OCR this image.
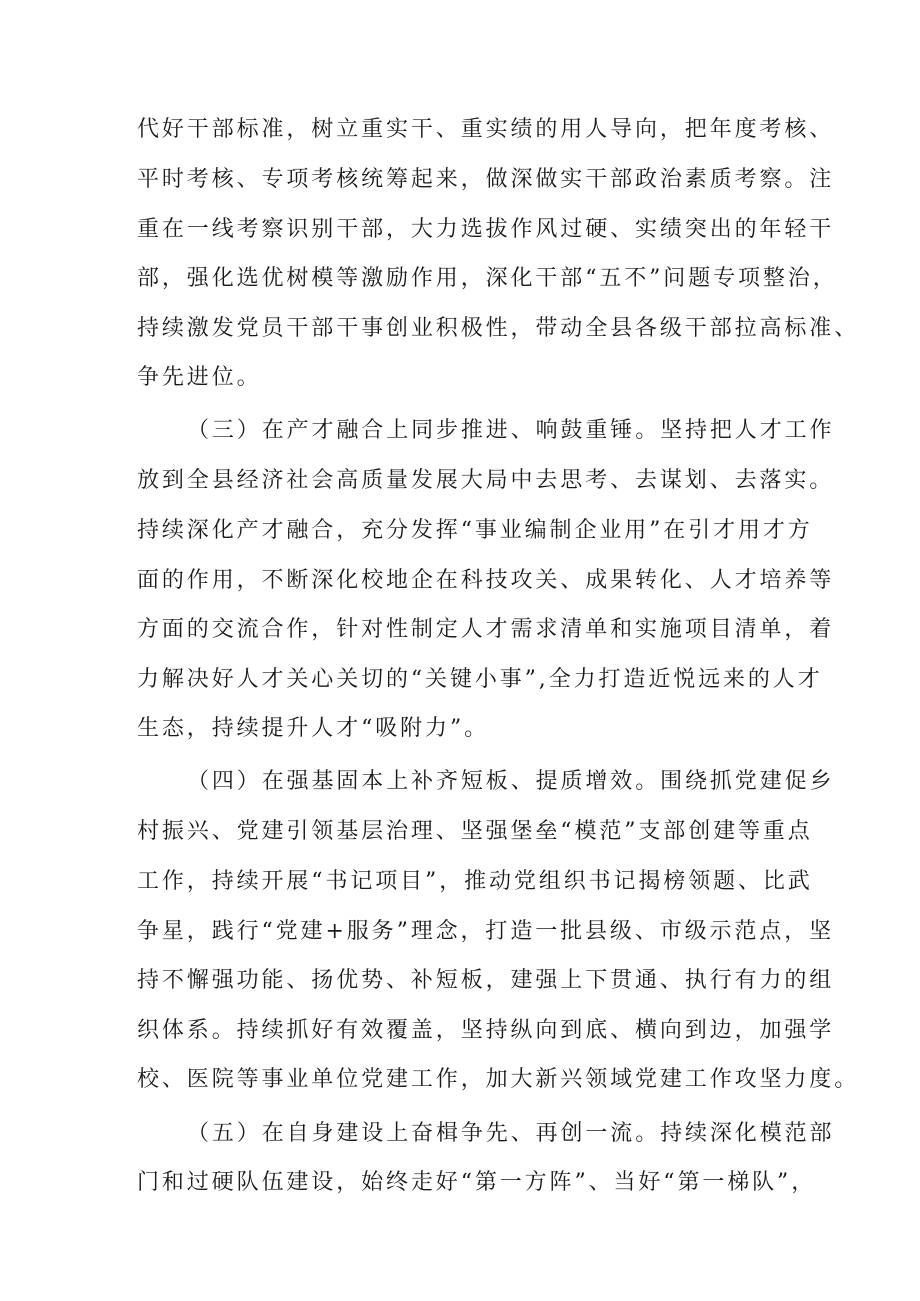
代好干部标准，树立重实干、重实绩的用人导向，把年度考核、
平时考核、专项考核统筹起来，做深做实干部政治素质考察。注
重在一线考察识别干部，大力选拔作风过硬、实绩突出的年轻干
部，强化选优树模等激励作用，深化干部“五不”问题专项整治，
持续激发党员干部干事创业积极性，带动全县各级干部拉高标准、
争先进位。
（三）在产才融合上同步推进、响鼓重锤。坚持把人才工作
放到全县经济社会高质量发展大局中去思考、去谋划、去落实。
持续深化产才融合，充分发挥“事业编制企业用”在引才用才方
面的作用，不断深化校地企在科技攻关、成果转化、人才培养等
方面的交流合作，针对性制定人才需求清单和实施项目清单，着
力解决好人才关心关切的“关键小事”,全力打造近悦远来的人才
生态，持续提升人才“吸附力”。
（四）在强基固本上补齐短板、提质增效。围绕抓党建促乡
村振兴、党建引领基层治理、坚强堡垒“模范”支部创建等重点
工作，持续开展“书记项目”，推动党组织书记揭榜领题、比武
争星，践行“党建+服务”理念，打造一批县级、市级示范点，坚
持不懈强功能、扬优势、补短板，建强上下贯通、执行有力的组
织体系。持续抓好有效覆盖，坚持纵向到底、横向到边，加强学
校、医院等事业单位党建工作，加大新兴领域党建工作攻坚力度。
（五）在自身建设上奋楫争先、再创一流。持续深化模范部
门和过硬队伍建设，始终走好“第一方阵”、当好“第一梯队”，
